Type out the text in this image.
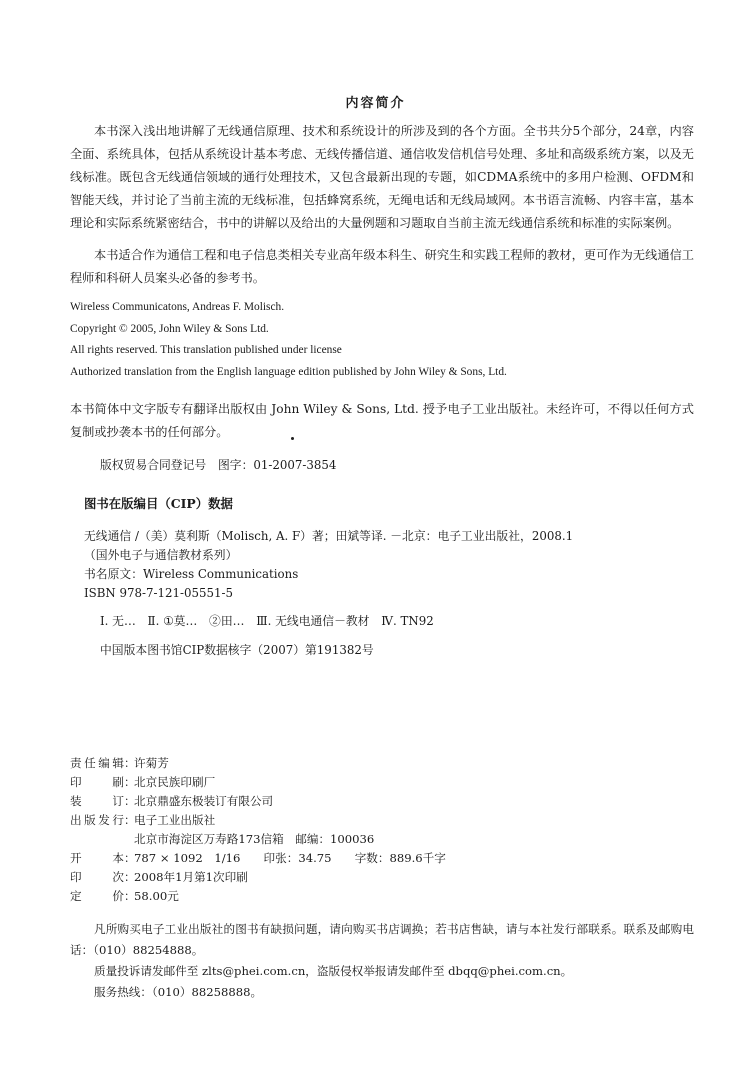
内容简介

本书深入浅出地讲解了无线通信原理、技术和系统设计的所涉及到的各个方面。全书共分5个部分，24章，内容全面、系统具体，包括从系统设计基本考虑、无线传播信道、通信收发信机信号处理、多址和高级系统方案，以及无线标准。既包含无线通信领域的通行处理技术，又包含最新出现的专题，如CDMA系统中的多用户检测、OFDM和智能天线，并讨论了当前主流的无线标准，包括蜂窝系统，无绳电话和无线局域网。本书语言流畅、内容丰富，基本理论和实际系统紧密结合，书中的讲解以及给出的大量例题和习题取自当前主流无线通信系统和标准的实际案例。

本书适合作为通信工程和电子信息类相关专业高年级本科生、研究生和实践工程师的教材，更可作为无线通信工程师和科研人员案头必备的参考书。

Wireless Communicatons, Andreas F. Molisch.
Copyright © 2005, John Wiley & Sons Ltd.
All rights reserved. This translation published under license
Authorized translation from the English language edition published by John Wiley & Sons, Ltd.

本书简体中文字版专有翻译出版权由 John Wiley & Sons, Ltd. 授予电子工业出版社。未经许可，不得以任何方式复制或抄袭本书的任何部分。

版权贸易合同登记号　图字：01-2007-3854
图书在版编目（CIP）数据
无线通信 /（美）莫利斯（Molisch, A. F）著；田斌等译. －北京：电子工业出版社，2008.1
（国外电子与通信教材系列）
书名原文：Wireless Communications
ISBN 978-7-121-05551-5
I. 无…　Ⅱ. ①莫…　②田…　Ⅲ. 无线电通信－教材　Ⅳ. TN92
中国版本图书馆CIP数据核字（2007）第191382号
责任编辑 ：
许菊芳
印　　刷 ：
北京民族印刷厂
装　　订 ：
北京鼎盛东极装订有限公司
出版发行 ：
电子工业出版社
北京市海淀区万寿路173信箱　邮编：100036
开　　本 ：
787 × 1092　1/16　　印张：34.75　　字数：889.6千字
印　　次 ：
2008年1月第1次印刷
定　　价 ：
58.00元

凡所购买电子工业出版社的图书有缺损问题，请向购买书店调换；若书店售缺，请与本社发行部联系。联系及邮购电话：（010）88254888。

质量投诉请发邮件至 zlts@phei.com.cn，盗版侵权举报请发邮件至 dbqq@phei.com.cn。
服务热线：（010）88258888。
